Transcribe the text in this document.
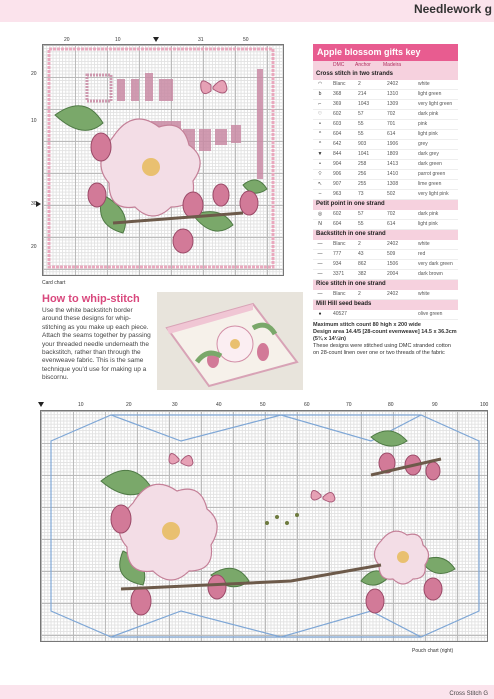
Needlework g
20	10	31	50
20
10
30
20
Card chart
How to whip-stitch
Use the white backstitch border around these designs for whip-stitching as you make up each piece. Attach the seams together by passing your threaded needle underneath the backstitch, rather than through the evenweave fabric. This is the same technique you'd use for making up a biscornu.
Apple blossom gifts key
DMC Anchor Madeira
Cross stitch in two strands
◠	Blanc 2	2402	white
b	368	214	1310	light green
⌐	369	1043	1309	very light green
♡	602	57	702	dark pink
⚬	603	55	701	pink
^	604	55	614	light pink
^	642	903	1906	grey
▼	844	1041	1809	dark grey
•	904	258	1413	dark green
⌔	906	256	1410	parrot green
↖	907	255	1308	lime green
–	963	73	502	very light pink
Petit point in one strand
◎	602	57	702	dark pink
N	604	55	614	light pink
Backstitch in one strand
—	Blanc 2	2402	white
—	777	43	509	red
—	934	862	1506	very dark green
—	3371	382	2004	dark brown
Rice stitch in one strand
—	Blanc 2	2402	white
Mill Hill seed beads
●	40527	olive green
Maximum stitch count 80 high x 200 wide
Design area 14.4/5 [28-count evenweave] 14.5 x 36.3cm (5¾ x 14¼in)
These designs were stitched using DMC stranded cotton on 28-count linen over one or two threads of the fabric
10	20	30	40	50	60	70	80	90	100
Pouch chart (right)
Cross Stitch G
